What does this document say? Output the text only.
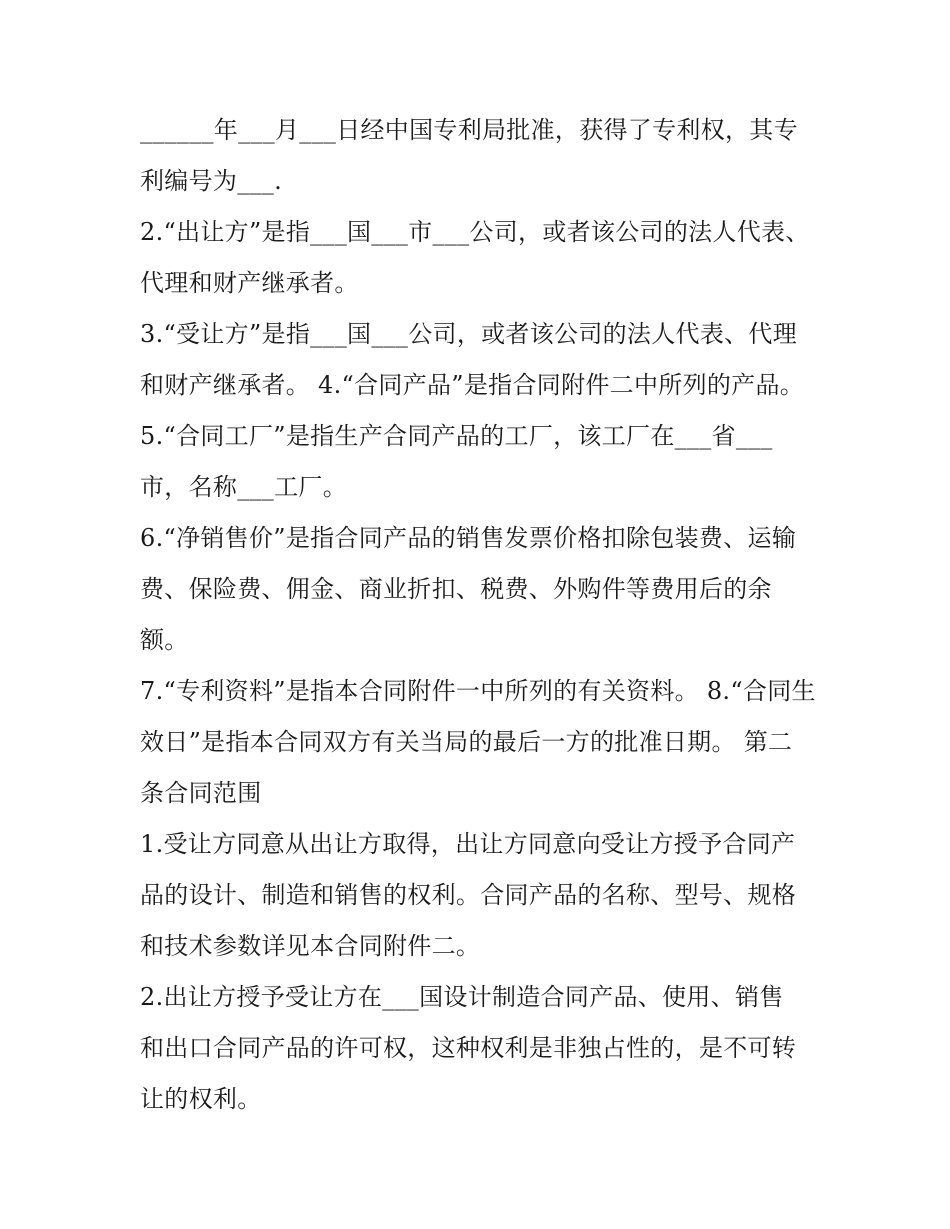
______年___月___日经中国专利局批准，获得了专利权，其专
利编号为___.
2.“出让方”是指___国___市___公司，或者该公司的法人代表、
代理和财产继承者。
3.“受让方”是指___国___公司，或者该公司的法人代表、代理
和财产继承者。 4.“合同产品”是指合同附件二中所列的产品。
5.“合同工厂”是指生产合同产品的工厂，该工厂在___省___
市，名称___工厂。
6.“净销售价”是指合同产品的销售发票价格扣除包装费、运输
费、保险费、佣金、商业折扣、税费、外购件等费用后的余
额。
7.“专利资料”是指本合同附件一中所列的有关资料。 8.“合同生
效日”是指本合同双方有关当局的最后一方的批准日期。 第二
条合同范围
1.受让方同意从出让方取得，出让方同意向受让方授予合同产
品的设计、制造和销售的权利。合同产品的名称、型号、规格
和技术参数详见本合同附件二。
2.出让方授予受让方在___国设计制造合同产品、使用、销售
和出口合同产品的许可权，这种权利是非独占性的，是不可转
让的权利。
